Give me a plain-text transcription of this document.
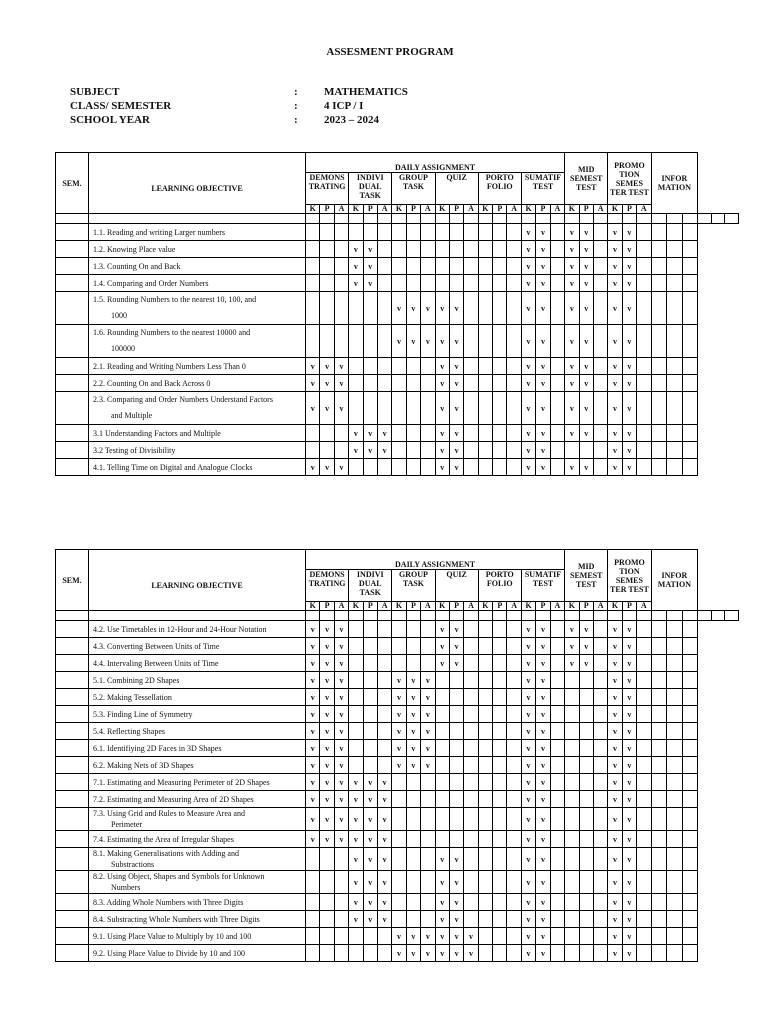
ASSESMENT PROGRAM
SUBJECT	: MATHEMATICS
CLASS/ SEMESTER	: 4 ICP / I
SCHOOL YEAR	: 2023 – 2024
SEM.	LEARNING OBJECTIVE	DAILY ASSIGNMENT																		MID SEMEST TEST			PROMO TION SEMES TER TEST			INFOR MATION					
		DEMONS TRATING			INDIVI DUAL TASK			GROUP TASK			QUIZ			PORTO FOLIO			SUMATIF TEST														
		K	P	A	K	P	A	K	P	A	K	P	A	K	P	A	K	P	A	K	P	A	K	P	A						

	1.1. Reading and writing Larger numbers																v	v		v	v		v	v							

	1.2. Knowing Place value				v	v											v	v		v	v		v	v							

	1.3. Counting On and Back				v	v											v	v		v	v		v	v							

	1.4. Comparing and Order Numbers				v	v											v	v		v	v		v	v							

	1.5. Rounding Numbers to the nearest 10, 100, and
1000							v	v	v	v	v					v	v		v	v		v	v							

	1.6. Rounding Numbers to the nearest 10000 and
100000							v	v	v	v	v					v	v		v	v		v	v							

	2.1. Reading and Writing Numbers Less Than 0	v	v	v							v	v					v	v		v	v		v	v							

	2.2. Counting On and Back Across 0	v	v	v							v	v					v	v		v	v		v	v							

	2.3. Comparing and Order Numbers Understand Factors
and Multiple	v	v	v							v	v					v	v		v	v		v	v							

	3.1 Understanding Factors and Multiple				v	v	v				v	v					v	v		v	v		v	v							

	3.2 Testing of Divisibility				v	v	v				v	v					v	v					v	v							

	4.1. Telling Time on Digital and Analogue Clocks	v	v	v							v	v					v	v		v	v		v	v							
SEM.	LEARNING OBJECTIVE	DAILY ASSIGNMENT																		MID SEMEST TEST			PROMO TION SEMES TER TEST			INFOR MATION					
		DEMONS TRATING			INDIVI DUAL TASK			GROUP TASK			QUIZ			PORTO FOLIO			SUMATIF TEST														
		K	P	A	K	P	A	K	P	A	K	P	A	K	P	A	K	P	A	K	P	A	K	P	A						

	4.2. Use Timetables in 12-Hour and 24-Hour Notation	v	v	v							v	v					v	v		v	v		v	v							

	4.3. Converting Between Units of Time	v	v	v							v	v					v	v		v	v		v	v							

	4.4. Intervaling Between Units of Time	v	v	v							v	v					v	v		v	v		v	v							

	5.1. Combining 2D Shapes	v	v	v				v	v	v							v	v					v	v							

	5.2. Making Tessellation	v	v	v				v	v	v							v	v					v	v							

	5.3. Finding Line of Symmetry	v	v	v				v	v	v							v	v					v	v							

	5.4. Reflecting Shapes	v	v	v				v	v	v							v	v					v	v							

	6.1. Identifiying 2D Faces in 3D Shapes	v	v	v				v	v	v							v	v					v	v							

	6.2. Making Nets of 3D Shapes	v	v	v				v	v	v							v	v					v	v							

	7.1. Estimating and Measuring Perimeter of 2D Shapes	v	v	v	v	v	v										v	v					v	v							

	7.2. Estimating and Measuring Area of 2D Shapes	v	v	v	v	v	v										v	v					v	v							

	7.3. Using Grid and Rules to Measure Area and
Perimeter	v	v	v	v	v	v										v	v					v	v							

	7.4. Estimating the Area of Irregular Shapes	v	v	v	v	v	v										v	v					v	v							

	8.1. Making Generalisations with Adding and
Substractions				v	v	v				v	v					v	v					v	v							

	8.2. Using Object, Shapes and Symbols for Unknown
Numbers				v	v	v				v	v					v	v					v	v							

	8.3. Adding Whole Numbers with Three Digits				v	v	v				v	v					v	v					v	v							

	8.4. Substracting Whole Numbers with Three Digits				v	v	v				v	v					v	v					v	v							

	9.1. Using Place Value to Multiply by 10 and 100							v	v	v	v	v	v				v	v					v	v							

	9.2. Using Place Value to Divide by 10 and 100							v	v	v	v	v	v				v	v					v	v							
